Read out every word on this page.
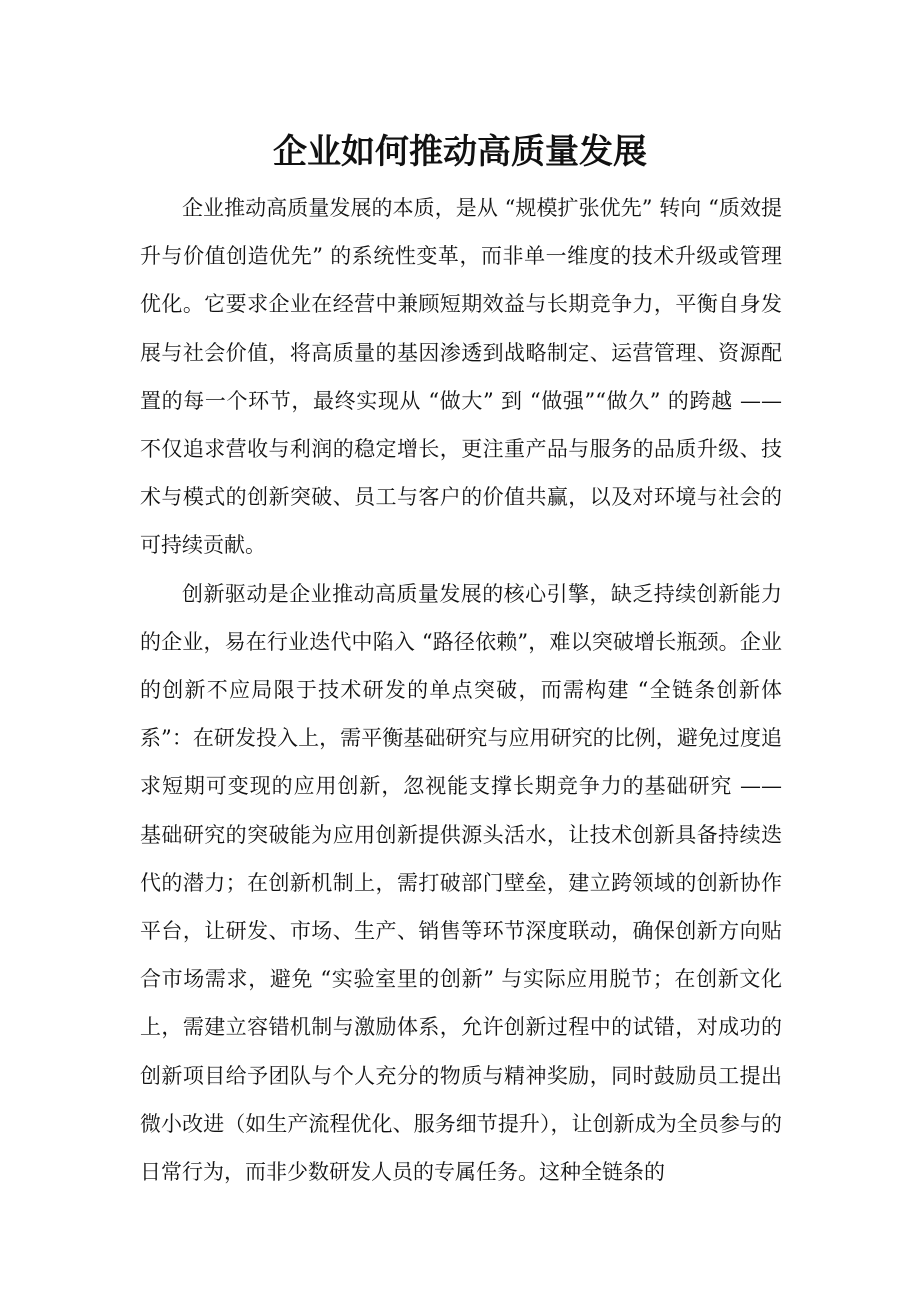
企业如何推动高质量发展

企业推动高质量发展的本质，是从 “规模扩张优先” 转向 “质效提升与价值创造优先” 的系统性变革，而非单一维度的技术升级或管理优化。它要求企业在经营中兼顾短期效益与长期竞争力，平衡自身发展与社会价值，将高质量的基因渗透到战略制定、运营管理、资源配置的每一个环节，最终实现从 “做大” 到 “做强”“做久” 的跨越 —— 不仅追求营收与利润的稳定增长，更注重产品与服务的品质升级、技术与模式的创新突破、员工与客户的价值共赢，以及对环境与社会的可持续贡献。

创新驱动是企业推动高质量发展的核心引擎，缺乏持续创新能力的企业，易在行业迭代中陷入 “路径依赖”，难以突破增长瓶颈。企业的创新不应局限于技术研发的单点突破，而需构建 “全链条创新体系”：在研发投入上，需平衡基础研究与应用研究的比例，避免过度追求短期可变现的应用创新，忽视能支撑长期竞争力的基础研究 —— 基础研究的突破能为应用创新提供源头活水，让技术创新具备持续迭代的潜力；在创新机制上，需打破部门壁垒，建立跨领域的创新协作平台，让研发、市场、生产、销售等环节深度联动，确保创新方向贴合市场需求，避免 “实验室里的创新” 与实际应用脱节；在创新文化上，需建立容错机制与激励体系，允许创新过程中的试错，对成功的创新项目给予团队与个人充分的物质与精神奖励，同时鼓励员工提出微小改进（如生产流程优化、服务细节提升），让创新成为全员参与的日常行为，而非少数研发人员的专属任务。这种全链条的
